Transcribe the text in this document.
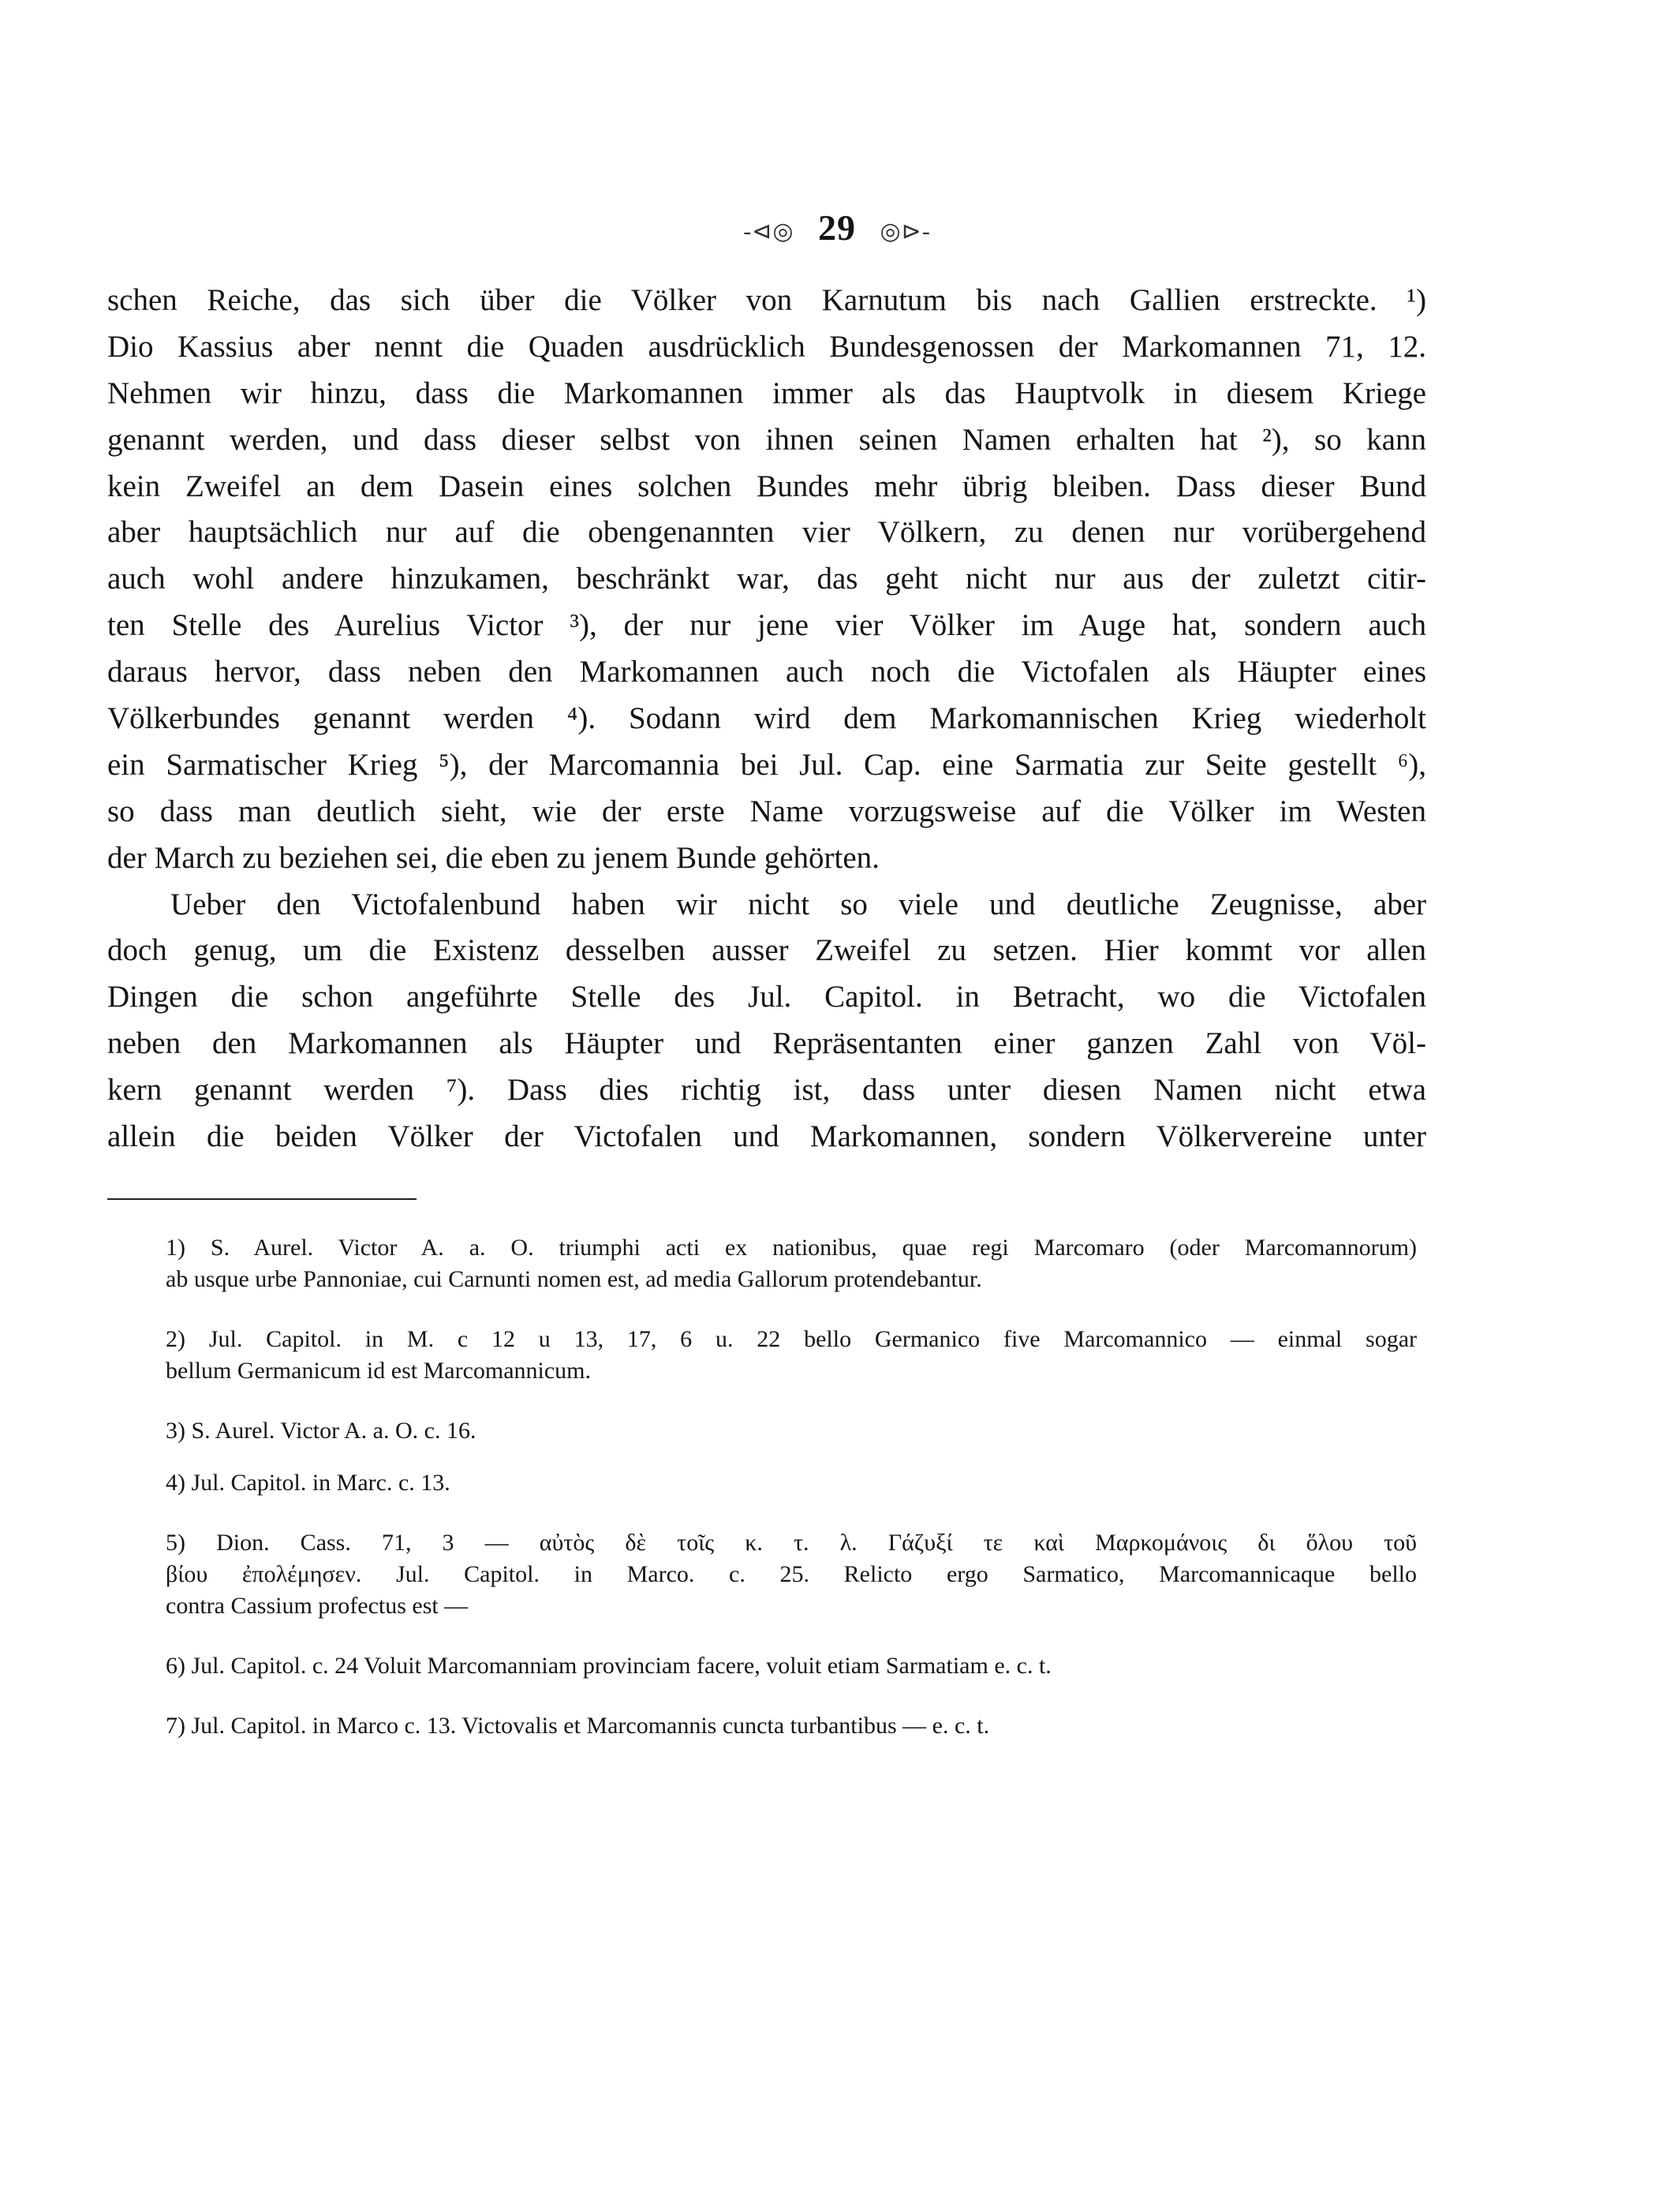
-⊲◎ 29 ◎⊳-
schen Reiche, das sich über die Völker von Karnutum bis nach Gallien erstreckte. ¹)
Dio Kassius aber nennt die Quaden ausdrücklich Bundesgenossen der Markomannen 71, 12.
Nehmen wir hinzu, dass die Markomannen immer als das Hauptvolk in diesem Kriege
genannt werden, und dass dieser selbst von ihnen seinen Namen erhalten hat ²), so kann
kein Zweifel an dem Dasein eines solchen Bundes mehr übrig bleiben. Dass dieser Bund
aber hauptsächlich nur auf die obengenannten vier Völkern, zu denen nur vorübergehend
auch wohl andere hinzukamen, beschränkt war, das geht nicht nur aus der zuletzt citir-
ten Stelle des Aurelius Victor ³), der nur jene vier Völker im Auge hat, sondern auch
daraus hervor, dass neben den Markomannen auch noch die Victofalen als Häupter eines
Völkerbundes genannt werden ⁴). Sodann wird dem Markomannischen Krieg wiederholt
ein Sarmatischer Krieg ⁵), der Marcomannia bei Jul. Cap. eine Sarmatia zur Seite gestellt ⁶),
so dass man deutlich sieht, wie der erste Name vorzugsweise auf die Völker im Westen
der March zu beziehen sei, die eben zu jenem Bunde gehörten.
Ueber den Victofalenbund haben wir nicht so viele und deutliche Zeugnisse, aber
doch genug, um die Existenz desselben ausser Zweifel zu setzen. Hier kommt vor allen
Dingen die schon angeführte Stelle des Jul. Capitol. in Betracht, wo die Victofalen
neben den Markomannen als Häupter und Repräsentanten einer ganzen Zahl von Völ-
kern genannt werden ⁷). Dass dies richtig ist, dass unter diesen Namen nicht etwa
allein die beiden Völker der Victofalen und Markomannen, sondern Völkervereine unter
1) S. Aurel. Victor A. a. O. triumphi acti ex nationibus, quae regi Marcomaro (oder Marcomannorum)
ab usque urbe Pannoniae, cui Carnunti nomen est, ad media Gallorum protendebantur.
2) Jul. Capitol. in M. c 12 u 13, 17, 6 u. 22 bello Germanico five Marcomannico — einmal sogar
bellum Germanicum id est Marcomannicum.
3) S. Aurel. Victor A. a. O. c. 16.
4) Jul. Capitol. in Marc. c. 13.
5) Dion. Cass. 71, 3 — αὐτὸς δὲ τοῖς κ. τ. λ. Γάζυξί τε καὶ Μαρκομάνοις δι ὅλου τοῦ
βίου ἐπολέμησεν. Jul. Capitol. in Marco. c. 25. Relicto ergo Sarmatico, Marcomannicaque bello
contra Cassium profectus est —
6) Jul. Capitol. c. 24 Voluit Marcomanniam provinciam facere, voluit etiam Sarmatiam e. c. t.
7) Jul. Capitol. in Marco c. 13. Victovalis et Marcomannis cuncta turbantibus — e. c. t.
